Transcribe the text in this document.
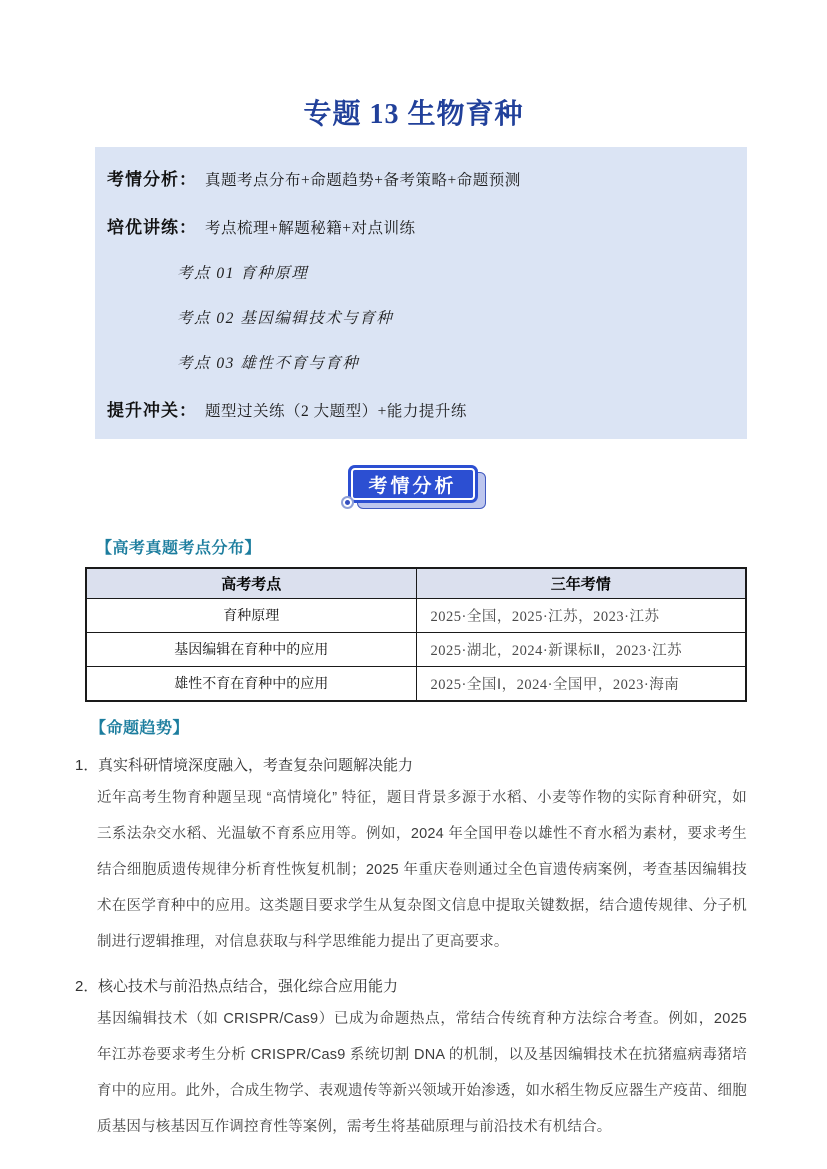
专题 13 生物育种
考情分析： 真题考点分布+命题趋势+备考策略+命题预测
培优讲练： 考点梳理+解题秘籍+对点训练
考点 01 育种原理
考点 02 基因编辑技术与育种
考点 03 雄性不育与育种
提升冲关： 题型过关练（2 大题型）+能力提升练
考情分析
【高考真题考点分布】
高考考点	三年考情
育种原理	2025·全国，2025·江苏，2023·江苏
基因编辑在育种中的应用	2025·湖北，2024·新课标Ⅱ，2023·江苏
雄性不育在育种中的应用	2025·全国Ⅰ，2024·全国甲，2023·海南
【命题趋势】
1． 真实科研情境深度融入，考查复杂问题解决能力
近年高考生物育种题呈现 “高情境化” 特征，题目背景多源于水稻、小麦等作物的实际育种研究，如三系法杂交水稻、光温敏不育系应用等。例如，2024 年全国甲卷以雄性不育水稻为素材，要求考生结合细胞质遗传规律分析育性恢复机制；2025 年重庆卷则通过全色盲遗传病案例，考查基因编辑技术在医学育种中的应用。这类题目要求学生从复杂图文信息中提取关键数据，结合遗传规律、分子机制进行逻辑推理，对信息获取与科学思维能力提出了更高要求。
2． 核心技术与前沿热点结合，强化综合应用能力
基因编辑技术（如 CRISPR/Cas9）已成为命题热点，常结合传统育种方法综合考查。例如，2025 年江苏卷要求考生分析 CRISPR/Cas9 系统切割 DNA 的机制，以及基因编辑技术在抗猪瘟病毒猪培育中的应用。此外，合成生物学、表观遗传等新兴领域开始渗透，如水稻生物反应器生产疫苗、细胞质基因与核基因互作调控育性等案例，需考生将基础原理与前沿技术有机结合。
